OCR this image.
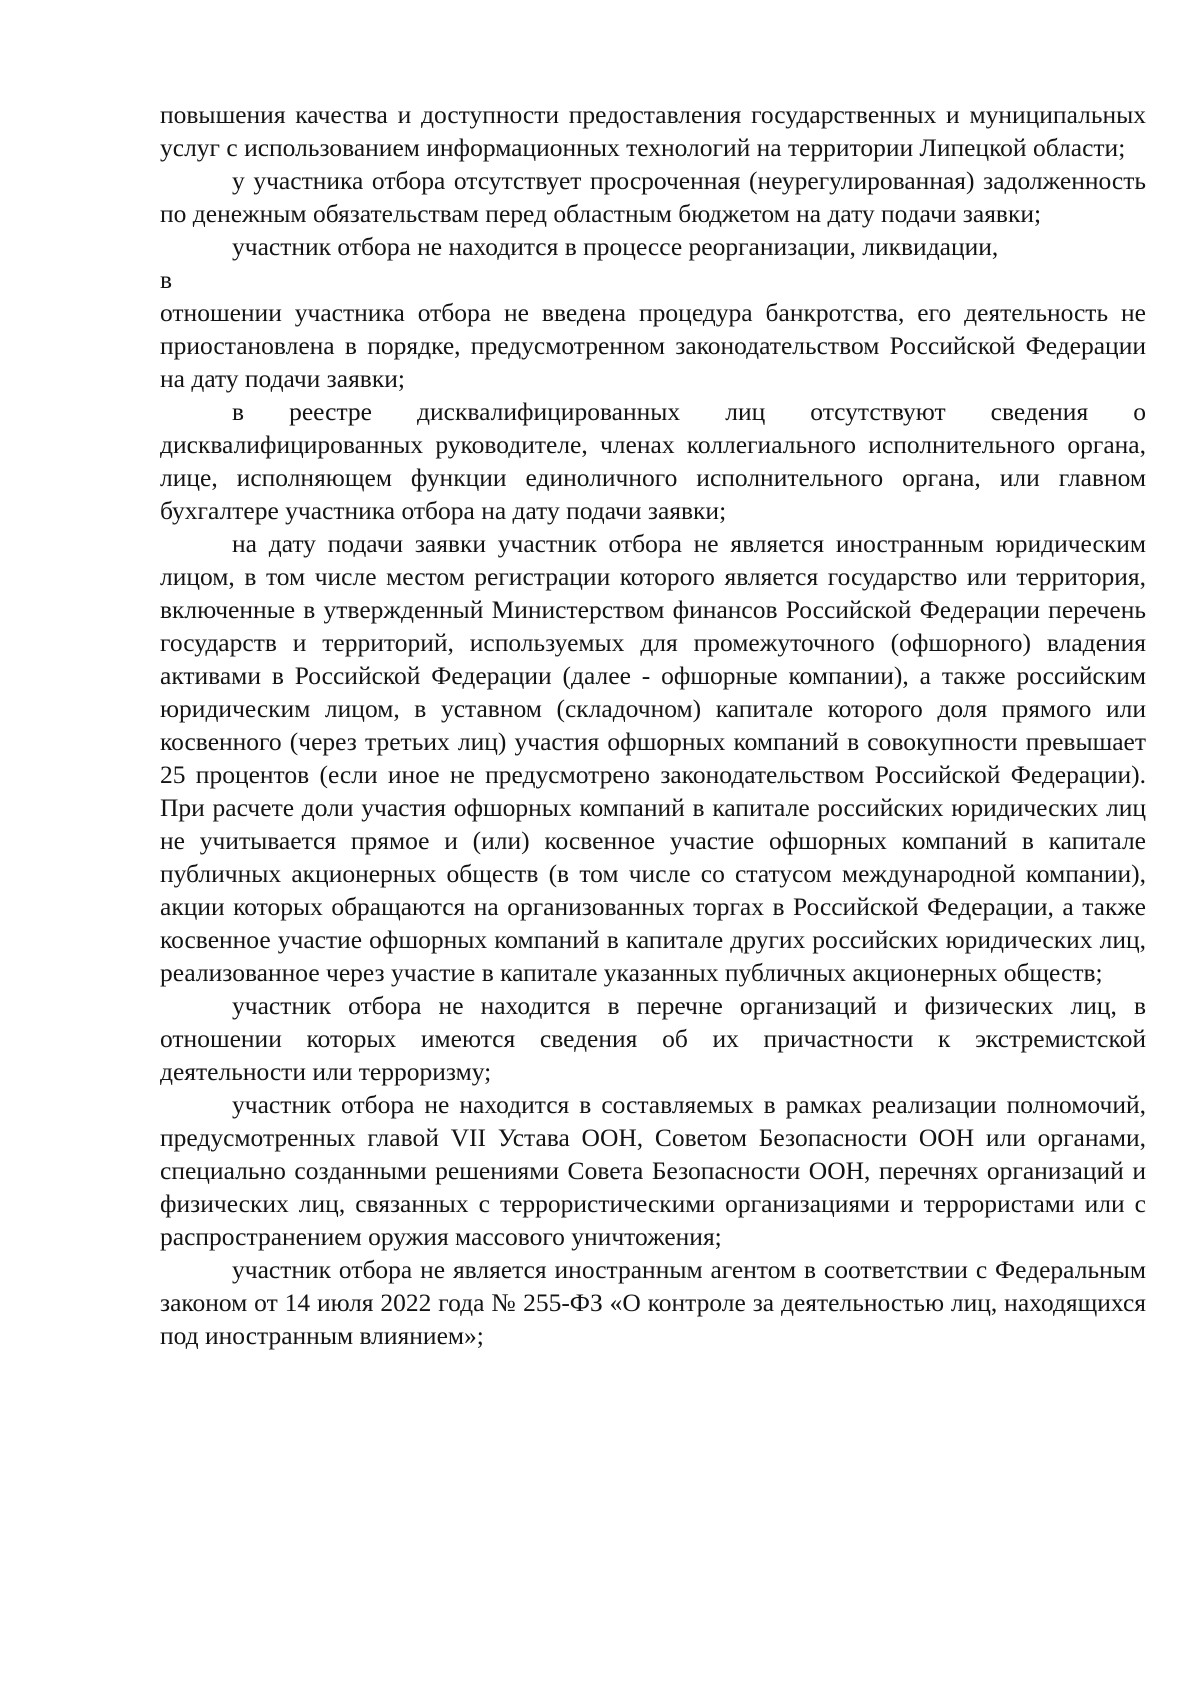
повышения качества и доступности предоставления государственных и муниципальных услуг с использованием информационных технологий на территории Липецкой области;

у участника отбора отсутствует просроченная (неурегулированная) задолженность по денежным обязательствам перед областным бюджетом на дату подачи заявки;

участник отбора не находится в процессе реорганизации, ликвидации,

в

отношении участника отбора не введена процедура банкротства, его деятельность не приостановлена в порядке, предусмотренном законодательством Российской Федерации на дату подачи заявки;

в реестре дисквалифицированных лиц отсутствуют сведения о дисквалифицированных руководителе, членах коллегиального исполнительного органа, лице, исполняющем функции единоличного исполнительного органа, или главном бухгалтере участника отбора на дату подачи заявки;

на дату подачи заявки участник отбора не является иностранным юридическим лицом, в том числе местом регистрации которого является государство или территория, включенные в утвержденный Министерством финансов Российской Федерации перечень государств и территорий, используемых для промежуточного (офшорного) владения активами в Российской Федерации (далее - офшорные компании), а также российским юридическим лицом, в уставном (складочном) капитале которого доля прямого или косвенного (через третьих лиц) участия офшорных компаний в совокупности превышает 25 процентов (если иное не предусмотрено законодательством Российской Федерации). При расчете доли участия офшорных компаний в капитале российских юридических лиц не учитывается прямое и (или) косвенное участие офшорных компаний в капитале публичных акционерных обществ (в том числе со статусом международной компании), акции которых обращаются на организованных торгах в Российской Федерации, а также косвенное участие офшорных компаний в капитале других российских юридических лиц, реализованное через участие в капитале указанных публичных акционерных обществ;

участник отбора не находится в перечне организаций и физических лиц, в отношении которых имеются сведения об их причастности к экстремистской деятельности или терроризму;

участник отбора не находится в составляемых в рамках реализации полномочий, предусмотренных главой VII Устава ООН, Советом Безопасности ООН или органами, специально созданными решениями Совета Безопасности ООН, перечнях организаций и физических лиц, связанных с террористическими организациями и террористами или с распространением оружия массового уничтожения;

участник отбора не является иностранным агентом в соответствии с Федеральным законом от 14 июля 2022 года № 255-ФЗ «О контроле за деятельностью лиц, находящихся под иностранным влиянием»;
